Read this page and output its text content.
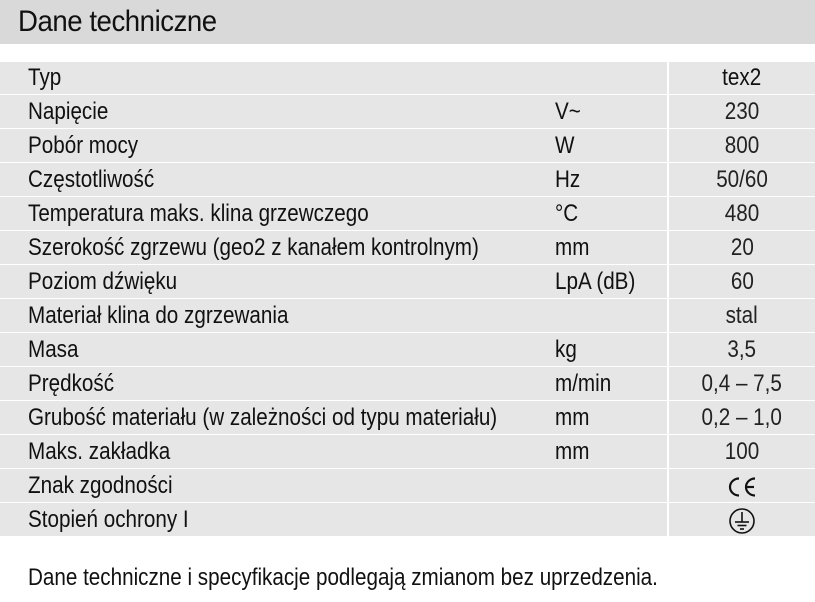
Dane techniczne
Typ		tex2
Napięcie	V~	230
Pobór mocy	W	800
Częstotliwość	Hz	50/60
Temperatura maks. klina grzewczego	°C	480
Szerokość zgrzewu (geo2 z kanałem kontrolnym)	mm	20
Poziom dźwięku	LpA (dB)	60
Materiał klina do zgrzewania		stal
Masa	kg	3,5
Prędkość	m/min	0,4 – 7,5
Grubość materiału (w zależności od typu materiału)	mm	0,2 – 1,0
Maks. zakładka	mm	100
Znak zgodności		
Stopień ochrony I		
Dane techniczne i specyfikacje podlegają zmianom bez uprzedzenia.
